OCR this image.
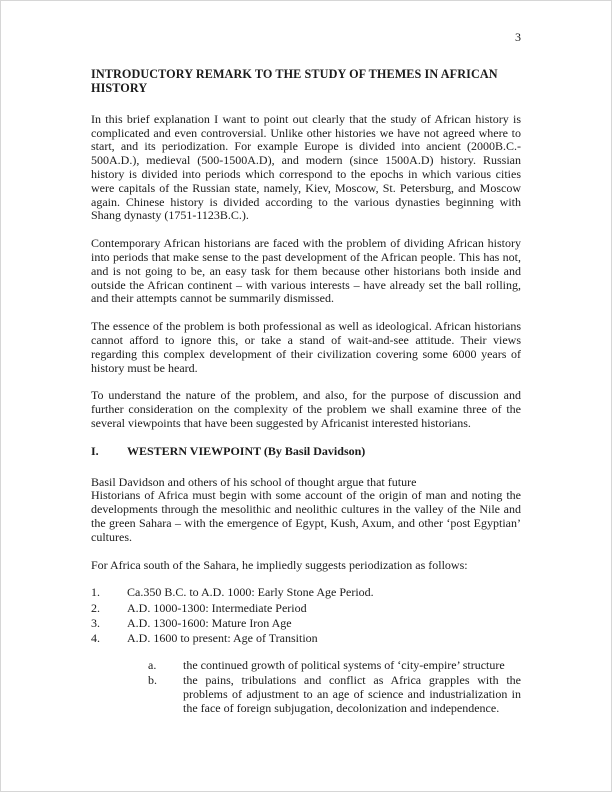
3
INTRODUCTORY REMARK TO THE STUDY OF THEMES IN AFRICAN HISTORY

In this brief explanation I want to point out clearly that the study of African history is complicated and even controversial. Unlike other histories we have not agreed where to start, and its periodization. For example Europe is divided into ancient (2000B.C.- 500A.D.), medieval (500-1500A.D), and modern (since 1500A.D) history. Russian history is divided into periods which correspond to the epochs in which various cities were capitals of the Russian state, namely, Kiev, Moscow, St. Petersburg, and Moscow again. Chinese history is divided according to the various dynasties beginning with Shang dynasty (1751-1123B.C.).

Contemporary African historians are faced with the problem of dividing African history into periods that make sense to the past development of the African people. This has not, and is not going to be, an easy task for them because other historians both inside and outside the African continent – with various interests – have already set the ball rolling, and their attempts cannot be summarily dismissed.

The essence of the problem is both professional as well as ideological. African historians cannot afford to ignore this, or take a stand of wait-and-see attitude. Their views regarding this complex development of their civilization covering some 6000 years of history must be heard.

To understand the nature of the problem, and also, for the purpose of discussion and further consideration on the complexity of the problem we shall examine three of the several viewpoints that have been suggested by Africanist interested historians.

I.	WESTERN VIEWPOINT (By Basil Davidson)

Basil Davidson and others of his school of thought argue that future
Historians of Africa must begin with some account of the origin of man and noting the developments through the mesolithic and neolithic cultures in the valley of the Nile and the green Sahara – with the emergence of Egypt, Kush, Axum, and other ‘post Egyptian’ cultures.

For Africa south of the Sahara, he impliedly suggests periodization as follows:

1.	Ca.350 B.C. to A.D. 1000: Early Stone Age Period.
2.	A.D. 1000-1300: Intermediate Period
3.	A.D. 1300-1600: Mature Iron Age
4.	A.D. 1600 to present: Age of Transition
a.	the continued growth of political systems of ‘city-empire’ structure
b.	the pains, tribulations and conflict as Africa grapples with the problems of adjustment to an age of science and industrialization in the face of foreign subjugation, decolonization and independence.
